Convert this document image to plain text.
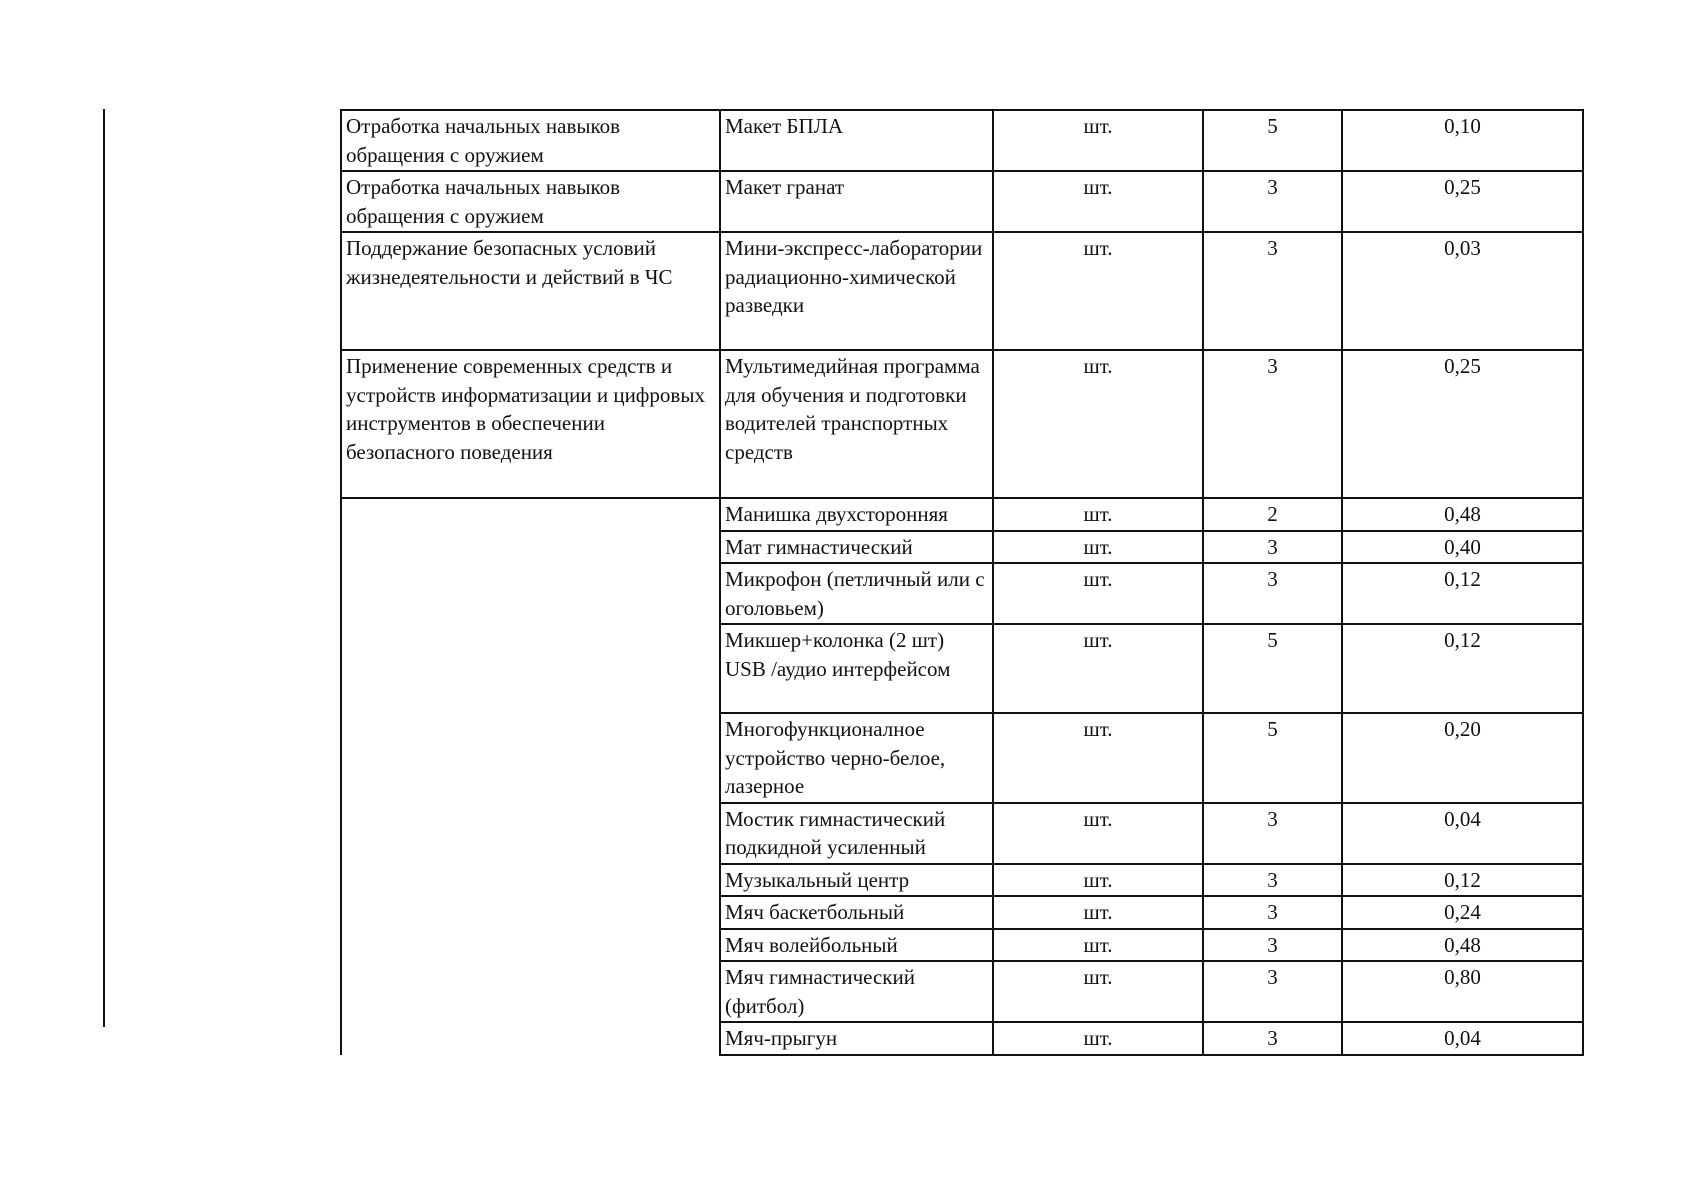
Отработка начальных навыков обращения с оружием	Макет БПЛА	шт.	5	0,10
Отработка начальных навыков обращения с оружием	Макет гранат	шт.	3	0,25
Поддержание безопасных условий жизнедеятельности и действий в ЧС	Мини-экспресс-лаборатории радиационно-химической разведки	шт.	3	0,03
Применение современных средств и устройств информатизации и цифровых инструментов в обеспечении безопасного поведения	Мультимедийная программа для обучения и подготовки водителей транспортных средств	шт.	3	0,25
	Манишка двухсторонняя	шт.	2	0,48
	Мат гимнастический	шт.	3	0,40
	Микрофон (петличный или с оголовьем)	шт.	3	0,12
	Микшер+колонка (2 шт) USB /аудио интерфейсом	шт.	5	0,12
	Многофункционалное устройство черно-белое, лазерное	шт.	5	0,20
	Мостик гимнастический подкидной усиленный	шт.	3	0,04
	Музыкальный центр	шт.	3	0,12
	Мяч баскетбольный	шт.	3	0,24
	Мяч волейбольный	шт.	3	0,48
	Мяч гимнастический (фитбол)	шт.	3	0,80
	Мяч-прыгун	шт.	3	0,04
